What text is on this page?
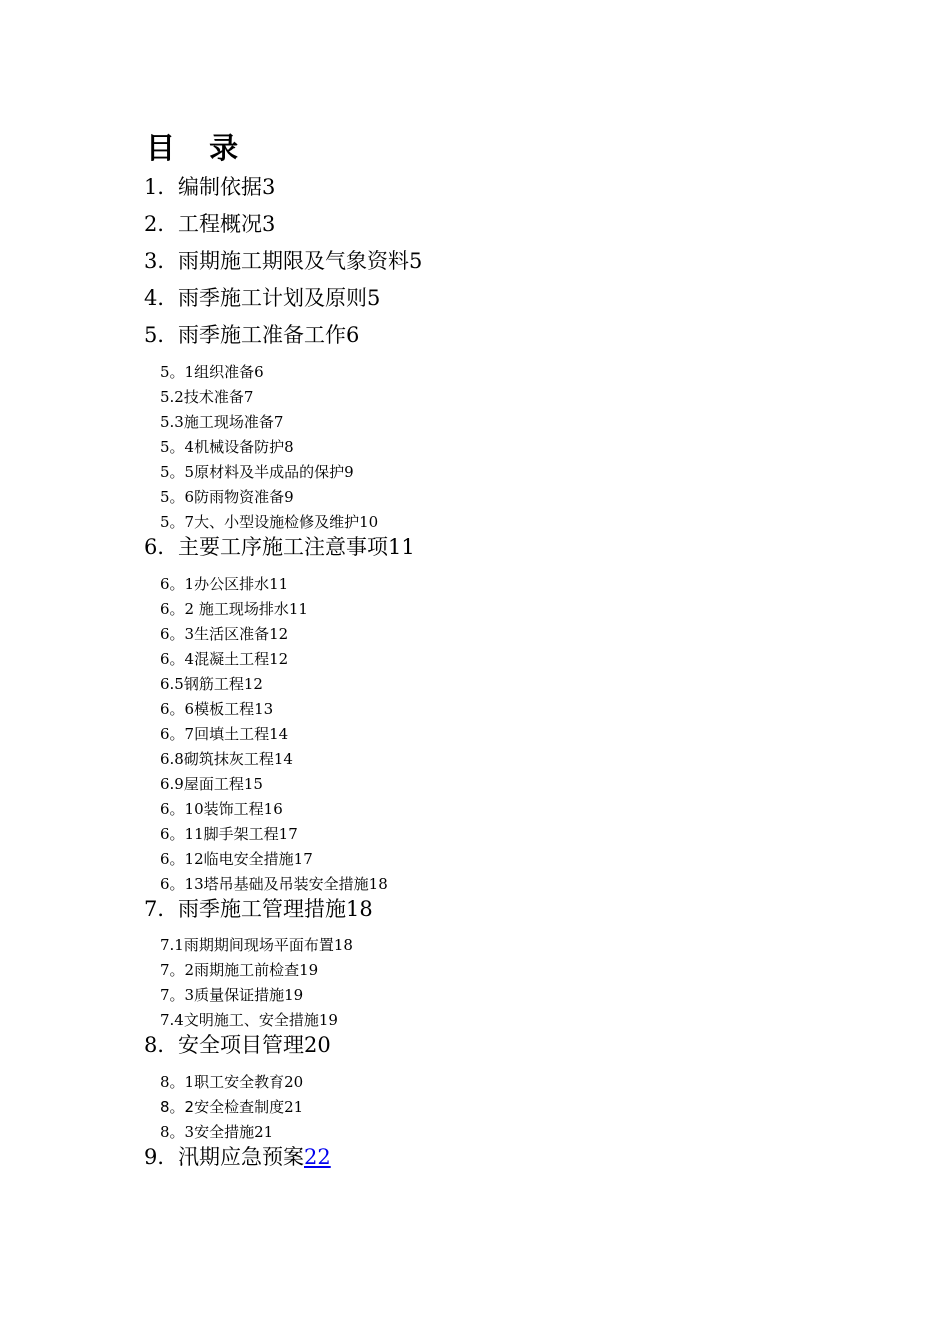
目 录
1．编制依据3
2．工程概况3
3．雨期施工期限及气象资料5
4．雨季施工计划及原则5
5．雨季施工准备工作6
5。1组织准备6
5.2技术准备7
5.3施工现场准备7
5。4机械设备防护8
5。5原材料及半成品的保护9
5。6防雨物资准备9
5。7大、小型设施检修及维护10
6．主要工序施工注意事项11
6。1办公区排水11
6。2 施工现场排水11
6。3生活区准备12
6。4混凝土工程12
6.5钢筋工程12
6。6模板工程13
6。7回填土工程14
6.8砌筑抹灰工程14
6.9屋面工程15
6。10装饰工程16
6。11脚手架工程17
6。12临电安全措施17
6。13塔吊基础及吊装安全措施18
7．雨季施工管理措施18
7.1雨期期间现场平面布置18
7。2雨期施工前检查19
7。3质量保证措施19
7.4文明施工、安全措施19
8．安全项目管理20
8。1职工安全教育20
8。2安全检查制度21
8。3安全措施21
9．汛期应急预案22
